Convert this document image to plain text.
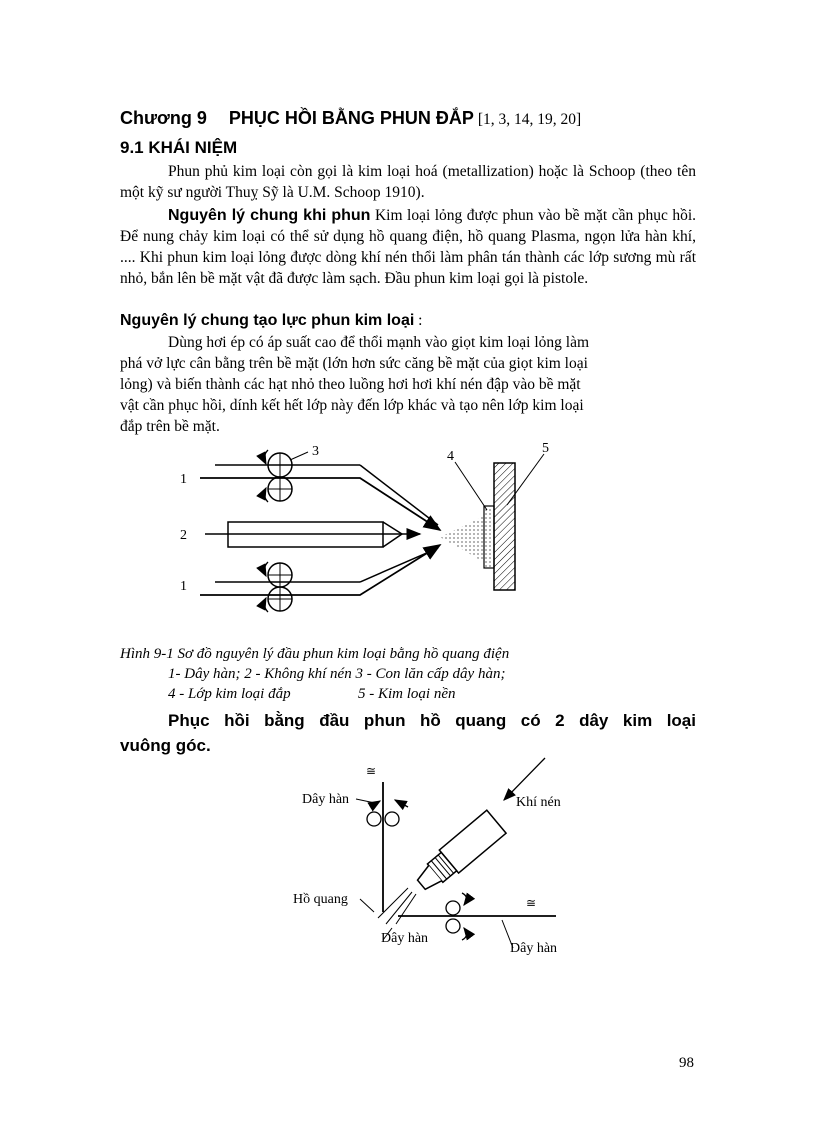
Chương 9 PHỤC HỒI BẰNG PHUN ĐẮP [1, 3, 14, 19, 20]
9.1 KHÁI NIỆM
Phun phủ kim loại còn gọi là kim loại hoá (metallization) hoặc là Schoop (theo tên một kỹ sư người Thuỵ Sỹ là U.M. Schoop 1910).
Nguyên lý chung khi phun Kim loại lỏng được phun vào bề mặt cần phục hồi. Để nung chảy kim loại có thể sử dụng hồ quang điện, hồ quang Plasma, ngọn lửa hàn khí, .... Khi phun kim loại lỏng được dòng khí nén thổi làm phân tán thành các lớp sương mù rất nhỏ, bắn lên bề mặt vật đã được làm sạch. Đầu phun kim loại gọi là pistole.
Nguyên lý chung tạo lực phun kim loại :
Dùng hơi ép có áp suất cao để thổi mạnh vào giọt kim loại lỏng làm
phá vở lực cân bằng trên bề mặt (lớn hơn sức căng bề mặt của giọt kim loại
lỏng) và biến thành các hạt nhỏ theo luồng hơi hơi khí nén đập vào bề mặt
vật cần phục hồi, dính kết hết lớp này đến lớp khác và tạo nên lớp kim loại
đắp trên bề mặt.
1
2
1
3	4
5
Hình 9-1 Sơ đồ nguyên lý đầu phun kim loại bằng hồ quang điện
1- Dây hàn; 2 - Không khí nén 3 - Con lăn cấp dây hàn;
4 - Lớp kim loại đắp	5 - Kim loại nền
Phục hồi bằng đầu phun hồ quang có 2 dây kim loại
vuông góc.
≅
≅
Dây hàn	Khí nén
Hồ quang
Dây hàn
Dây hàn
98
